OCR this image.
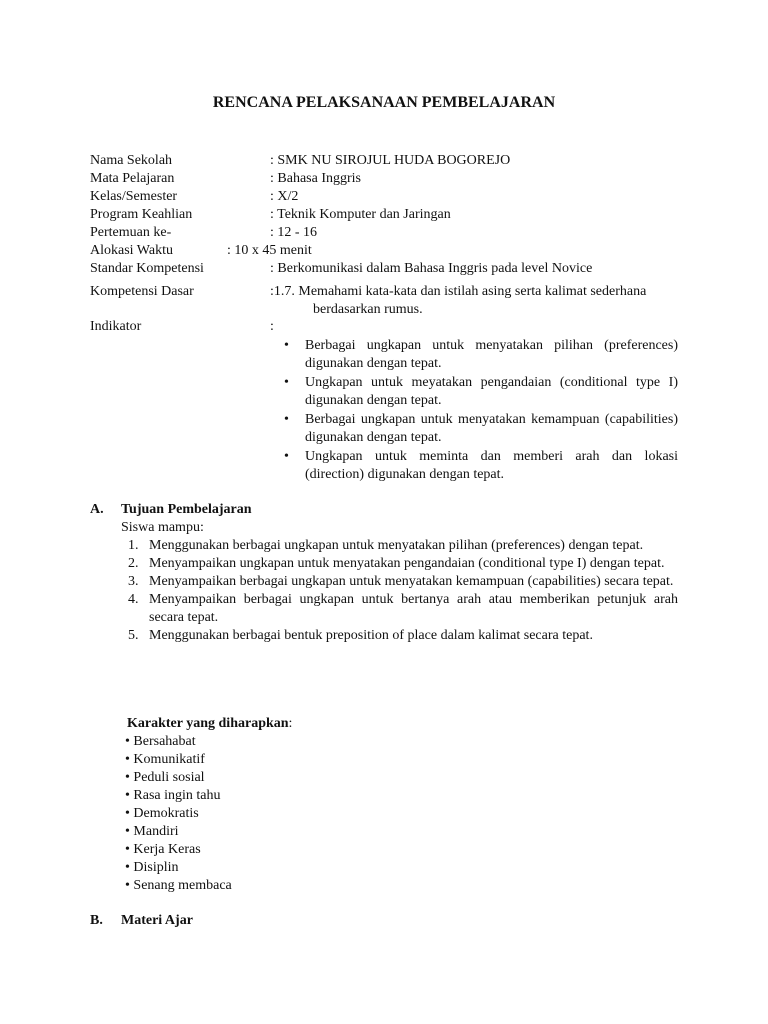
RENCANA PELAKSANAAN PEMBELAJARAN
Nama Sekolah	: SMK NU SIROJUL HUDA BOGOREJO
Mata Pelajaran	: Bahasa Inggris
Kelas/Semester	: X/2
Program Keahlian	: Teknik Komputer dan Jaringan
Pertemuan ke-	: 12 - 16
Alokasi Waktu	: 10 x 45 menit
Standar Kompetensi	: Berkomunikasi dalam Bahasa Inggris pada level Novice
Kompetensi Dasar	:1.7. Memahami kata-kata dan istilah asing serta kalimat sederhana
berdasarkan rumus.
Indikator	:
• Berbagai ungkapan untuk menyatakan pilihan (preferences) digunakan dengan tepat.
• Ungkapan untuk meyatakan pengandaian (conditional type I) digunakan dengan tepat.
• Berbagai ungkapan untuk menyatakan kemampuan (capabilities) digunakan dengan tepat.
• Ungkapan untuk meminta dan memberi arah dan lokasi (direction) digunakan dengan tepat.
A. Tujuan Pembelajaran
Siswa mampu:
1. Menggunakan berbagai ungkapan untuk menyatakan pilihan (preferences) dengan tepat.
2. Menyampaikan ungkapan untuk menyatakan pengandaian (conditional type I) dengan tepat.
3. Menyampaikan berbagai ungkapan untuk menyatakan kemampuan (capabilities) secara tepat.
4. Menyampaikan berbagai ungkapan untuk bertanya arah atau memberikan petunjuk arah secara tepat.
5. Menggunakan berbagai bentuk preposition of place dalam kalimat secara tepat.
Karakter yang diharapkan:
• Bersahabat
• Komunikatif
• Peduli sosial
• Rasa ingin tahu
• Demokratis
• Mandiri
• Kerja Keras
• Disiplin
• Senang membaca
B. Materi Ajar
